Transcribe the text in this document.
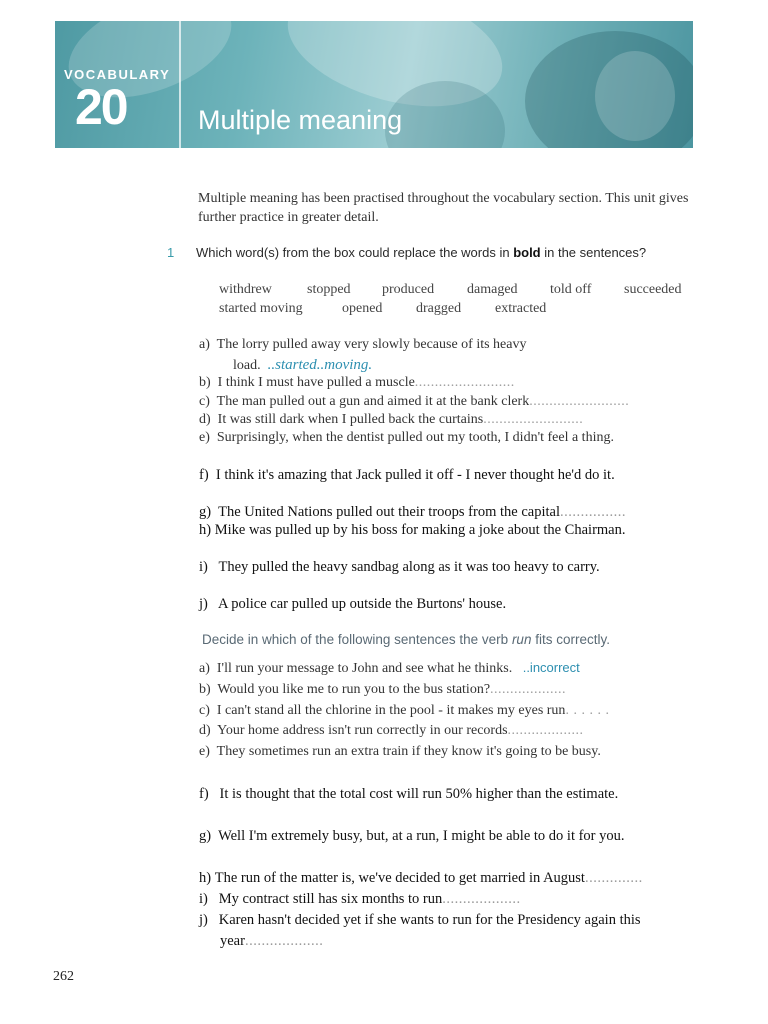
VOCABULARY
20	Multiple meaning
Multiple meaning has been practised throughout the vocabulary section. This unit gives further practice in greater detail.
1 Which word(s) from the box could replace the words in bold in the sentences?
withdrew	stopped produced damaged told off succeeded
started moving	opened dragged extracted
a) The lorry pulled away very slowly because of its heavy
load. ..started..moving.
b) I think I must have pulled a muscle.........................
c) The man pulled out a gun and aimed it at the bank clerk.........................
d) It was still dark when I pulled back the curtains.........................
e) Surprisingly, when the dentist pulled out my tooth, I didn't feel a thing.
f) I think it's amazing that Jack pulled it off - I never thought he'd do it.
g) The United Nations pulled out their troops from the capital................
h) Mike was pulled up by his boss for making a joke about the Chairman.
i) They pulled the heavy sandbag along as it was too heavy to carry.
j) A police car pulled up outside the Burtons' house.
Decide in which of the following sentences the verb run fits correctly.
a) I'll run your message to John and see what he thinks. ..incorrect
b) Would you like me to run you to the bus station?...................
c) I can't stand all the chlorine in the pool - it makes my eyes run. . . . . .
d) Your home address isn't run correctly in our records...................
e) They sometimes run an extra train if they know it's going to be busy.
f) It is thought that the total cost will run 50% higher than the estimate.
g) Well I'm extremely busy, but, at a run, I might be able to do it for you.
h) The run of the matter is, we've decided to get married in August..............
i) My contract still has six months to run...................
j) Karen hasn't decided yet if she wants to run for the Presidency again this
year...................
262
